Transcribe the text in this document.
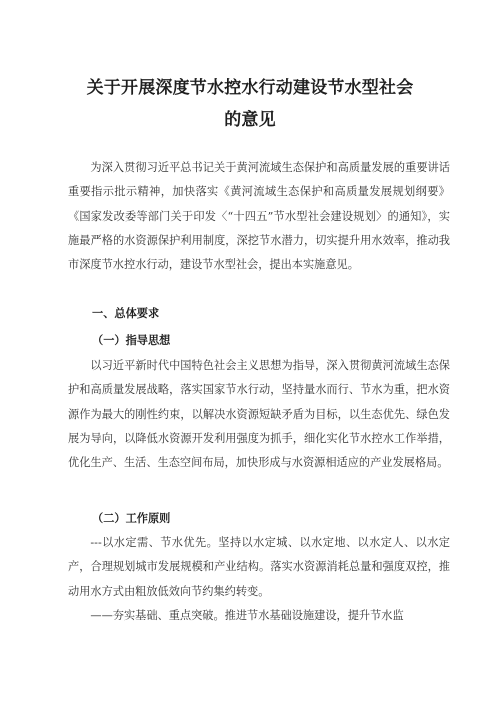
关于开展深度节水控水行动建设节水型社会
的意见

为深入贯彻习近平总书记关于黄河流域生态保护和高质量发展的重要讲话重要指示批示精神，加快落实《黄河流域生态保护和高质量发展规划纲要》《国家发改委等部门关于印发〈“十四五”节水型社会建设规划〉的通知》，实施最严格的水资源保护利用制度，深挖节水潜力，切实提升用水效率，推动我市深度节水控水行动，建设节水型社会，提出本实施意见。

一、总体要求
（一）指导思想

以习近平新时代中国特色社会主义思想为指导，深入贯彻黄河流域生态保护和高质量发展战略，落实国家节水行动，坚持量水而行、节水为重，把水资源作为最大的刚性约束，以解决水资源短缺矛盾为目标，以生态优先、绿色发展为导向，以降低水资源开发利用强度为抓手，细化实化节水控水工作举措，优化生产、生活、生态空间布局，加快形成与水资源相适应的产业发展格局。

（二）工作原则

---以水定需、节水优先。坚持以水定城、以水定地、以水定人、以水定产，合理规划城市发展规模和产业结构。落实水资源消耗总量和强度双控，推动用水方式由粗放低效向节约集约转变。

——夯实基础、重点突破。推进节水基础设施建设，提升节水监
